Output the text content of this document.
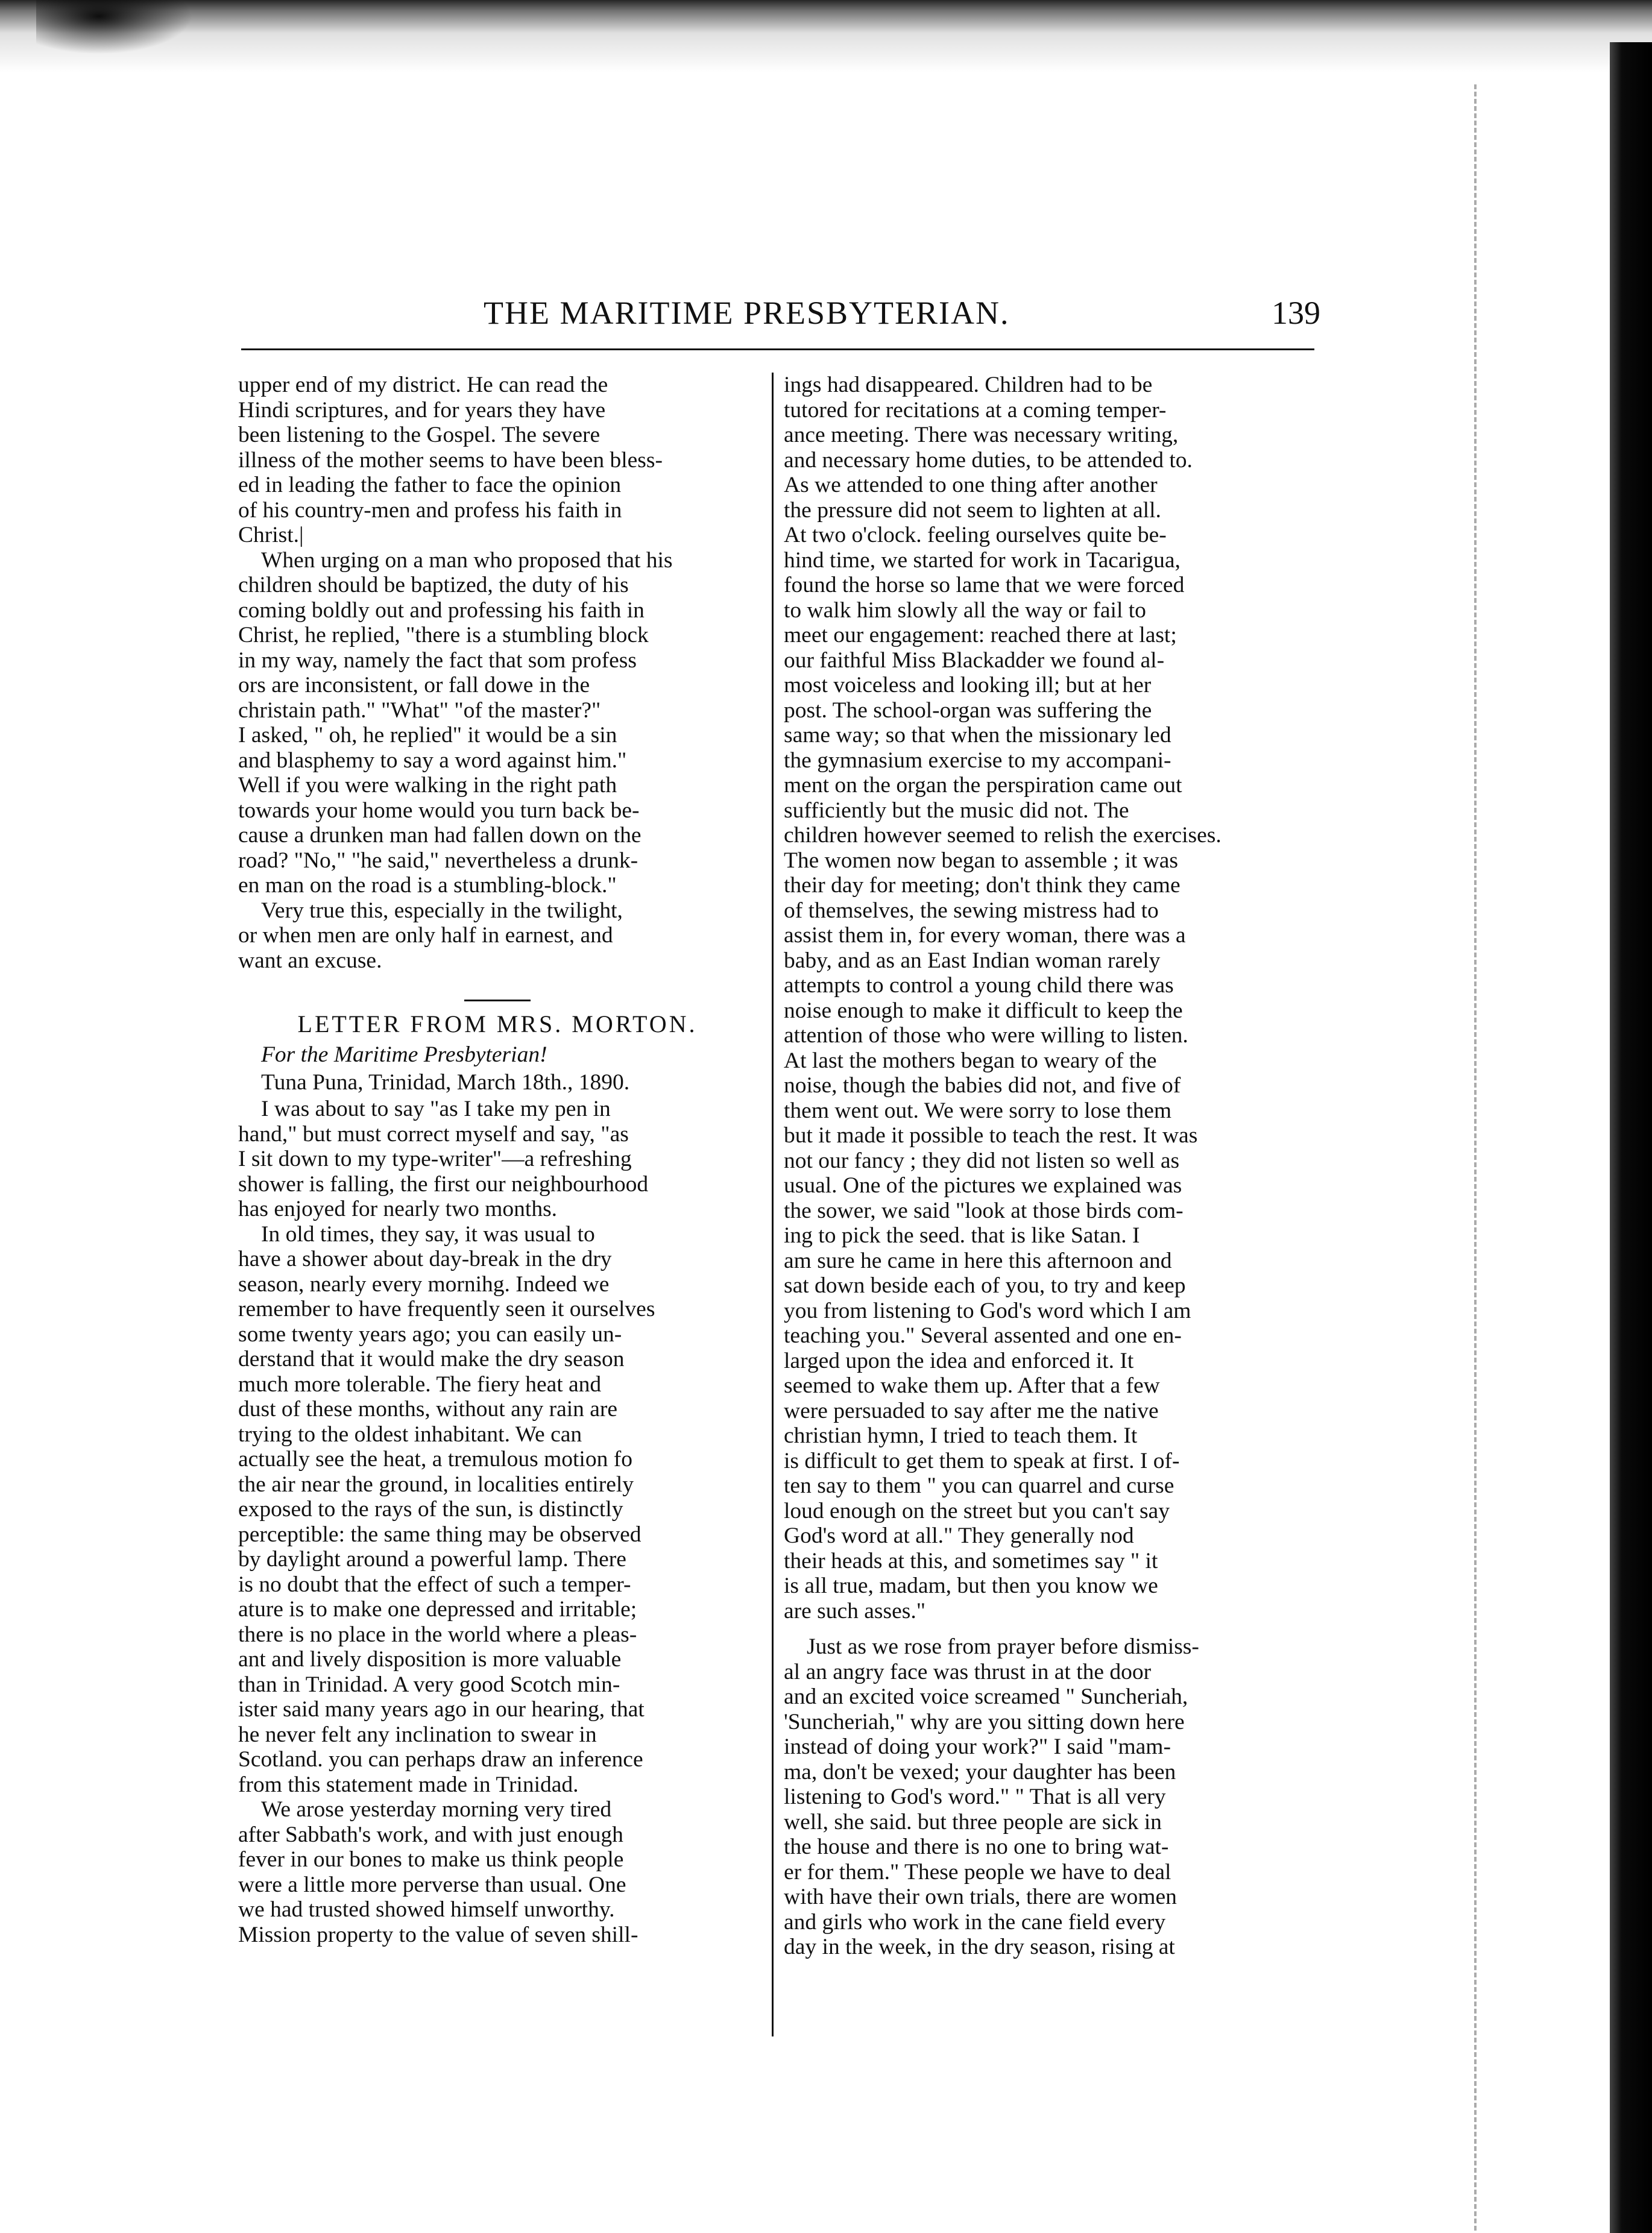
THE MARITIME PRESBYTERIAN.	139
upper end of my district. He can read the
Hindi scriptures, and for years they have
been listening to the Gospel. The severe
illness of the mother seems to have been bless-
ed in leading the father to face the opinion
of his country-men and profess his faith in
Christ.|
When urging on a man who proposed that his
children should be baptized, the duty of his
coming boldly out and professing his faith in
Christ, he replied, "there is a stumbling block
in my way, namely the fact that som profess
ors are inconsistent, or fall dowe in the
christain path." "What" "of the master?"
I asked, " oh, he replied" it would be a sin
and blasphemy to say a word against him."
Well if you were walking in the right path
towards your home would you turn back be-
cause a drunken man had fallen down on the
road? "No," "he said," nevertheless a drunk-
en man on the road is a stumbling-block."
Very true this, especially in the twilight,
or when men are only half in earnest, and
want an excuse.
LETTER FROM MRS. MORTON.
For the Maritime Presbyterian!
Tuna Puna, Trinidad, March 18th., 1890.
I was about to say "as I take my pen in
hand," but must correct myself and say, "as
I sit down to my type-writer"—a refreshing
shower is falling, the first our neighbourhood
has enjoyed for nearly two months.
In old times, they say, it was usual to
have a shower about day-break in the dry
season, nearly every mornihg. Indeed we
remember to have frequently seen it ourselves
some twenty years ago; you can easily un-
derstand that it would make the dry season
much more tolerable. The fiery heat and
dust of these months, without any rain are
trying to the oldest inhabitant. We can
actually see the heat, a tremulous motion fo
the air near the ground, in localities entirely
exposed to the rays of the sun, is distinctly
perceptible: the same thing may be observed
by daylight around a powerful lamp. There
is no doubt that the effect of such a temper-
ature is to make one depressed and irritable;
there is no place in the world where a pleas-
ant and lively disposition is more valuable
than in Trinidad. A very good Scotch min-
ister said many years ago in our hearing, that
he never felt any inclination to swear in
Scotland. you can perhaps draw an inference
from this statement made in Trinidad.
We arose yesterday morning very tired
after Sabbath's work, and with just enough
fever in our bones to make us think people
were a little more perverse than usual. One
we had trusted showed himself unworthy.
Mission property to the value of seven shill-
ings had disappeared. Children had to be
tutored for recitations at a coming temper-
ance meeting. There was necessary writing,
and necessary home duties, to be attended to.
As we attended to one thing after another
the pressure did not seem to lighten at all.
At two o'clock. feeling ourselves quite be-
hind time, we started for work in Tacarigua,
found the horse so lame that we were forced
to walk him slowly all the way or fail to
meet our engagement: reached there at last;
our faithful Miss Blackadder we found al-
most voiceless and looking ill; but at her
post. The school-organ was suffering the
same way; so that when the missionary led
the gymnasium exercise to my accompani-
ment on the organ the perspiration came out
sufficiently but the music did not. The
children however seemed to relish the exercises.
The women now began to assemble ; it was
their day for meeting; don't think they came
of themselves, the sewing mistress had to
assist them in, for every woman, there was a
baby, and as an East Indian woman rarely
attempts to control a young child there was
noise enough to make it difficult to keep the
attention of those who were willing to listen.
At last the mothers began to weary of the
noise, though the babies did not, and five of
them went out. We were sorry to lose them
but it made it possible to teach the rest. It was
not our fancy ; they did not listen so well as
usual. One of the pictures we explained was
the sower, we said "look at those birds com-
ing to pick the seed. that is like Satan. I
am sure he came in here this afternoon and
sat down beside each of you, to try and keep
you from listening to God's word which I am
teaching you." Several assented and one en-
larged upon the idea and enforced it. It
seemed to wake them up. After that a few
were persuaded to say after me the native
christian hymn, I tried to teach them. It
is difficult to get them to speak at first. I of-
ten say to them " you can quarrel and curse
loud enough on the street but you can't say
God's word at all." They generally nod
their heads at this, and sometimes say " it
is all true, madam, but then you know we
are such asses."
Just as we rose from prayer before dismiss-
al an angry face was thrust in at the door
and an excited voice screamed " Suncheriah,
'Suncheriah," why are you sitting down here
instead of doing your work?" I said "mam-
ma, don't be vexed; your daughter has been
listening to God's word." " That is all very
well, she said. but three people are sick in
the house and there is no one to bring wat-
er for them." These people we have to deal
with have their own trials, there are women
and girls who work in the cane field every
day in the week, in the dry season, rising at
